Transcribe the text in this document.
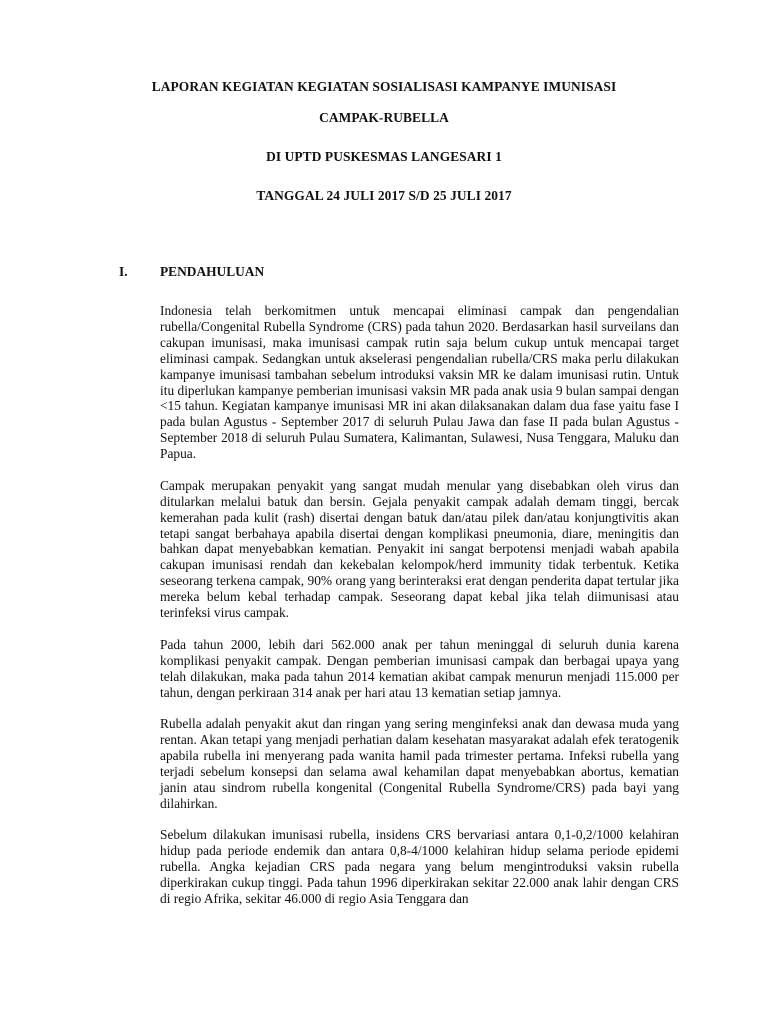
LAPORAN KEGIATAN KEGIATAN SOSIALISASI KAMPANYE IMUNISASI
CAMPAK-RUBELLA
DI UPTD PUSKESMAS LANGESARI 1
TANGGAL 24 JULI 2017 S/D 25 JULI 2017
I. PENDAHULUAN

Indonesia telah berkomitmen untuk mencapai eliminasi campak dan pengendalian rubella/Congenital Rubella Syndrome (CRS) pada tahun 2020. Berdasarkan hasil surveilans dan cakupan imunisasi, maka imunisasi campak rutin saja belum cukup untuk mencapai target eliminasi campak. Sedangkan untuk akselerasi pengendalian rubella/CRS maka perlu dilakukan kampanye imunisasi tambahan sebelum introduksi vaksin MR ke dalam imunisasi rutin. Untuk itu diperlukan kampanye pemberian imunisasi vaksin MR pada anak usia 9 bulan sampai dengan <15 tahun. Kegiatan kampanye imunisasi MR ini akan dilaksanakan dalam dua fase yaitu fase I pada bulan Agustus - September 2017 di seluruh Pulau Jawa dan fase II pada bulan Agustus - September 2018 di seluruh Pulau Sumatera, Kalimantan, Sulawesi, Nusa Tenggara, Maluku dan Papua.

Campak merupakan penyakit yang sangat mudah menular yang disebabkan oleh virus dan ditularkan melalui batuk dan bersin. Gejala penyakit campak adalah demam tinggi, bercak kemerahan pada kulit (rash) disertai dengan batuk dan/atau pilek dan/atau konjungtivitis akan tetapi sangat berbahaya apabila disertai dengan komplikasi pneumonia, diare, meningitis dan bahkan dapat menyebabkan kematian. Penyakit ini sangat berpotensi menjadi wabah apabila cakupan imunisasi rendah dan kekebalan kelompok/herd immunity tidak terbentuk. Ketika seseorang terkena campak, 90% orang yang berinteraksi erat dengan penderita dapat tertular jika mereka belum kebal terhadap campak. Seseorang dapat kebal jika telah diimunisasi atau terinfeksi virus campak.

Pada tahun 2000, lebih dari 562.000 anak per tahun meninggal di seluruh dunia karena komplikasi penyakit campak. Dengan pemberian imunisasi campak dan berbagai upaya yang telah dilakukan, maka pada tahun 2014 kematian akibat campak menurun menjadi 115.000 per tahun, dengan perkiraan 314 anak per hari atau 13 kematian setiap jamnya.

Rubella adalah penyakit akut dan ringan yang sering menginfeksi anak dan dewasa muda yang rentan. Akan tetapi yang menjadi perhatian dalam kesehatan masyarakat adalah efek teratogenik apabila rubella ini menyerang pada wanita hamil pada trimester pertama. Infeksi rubella yang terjadi sebelum konsepsi dan selama awal kehamilan dapat menyebabkan abortus, kematian janin atau sindrom rubella kongenital (Congenital Rubella Syndrome/CRS) pada bayi yang dilahirkan.

Sebelum dilakukan imunisasi rubella, insidens CRS bervariasi antara 0,1-0,2/1000 kelahiran hidup pada periode endemik dan antara 0,8-4/1000 kelahiran hidup selama periode epidemi rubella. Angka kejadian CRS pada negara yang belum mengintroduksi vaksin rubella diperkirakan cukup tinggi. Pada tahun 1996 diperkirakan sekitar 22.000 anak lahir dengan CRS di regio Afrika, sekitar 46.000 di regio Asia Tenggara dan
